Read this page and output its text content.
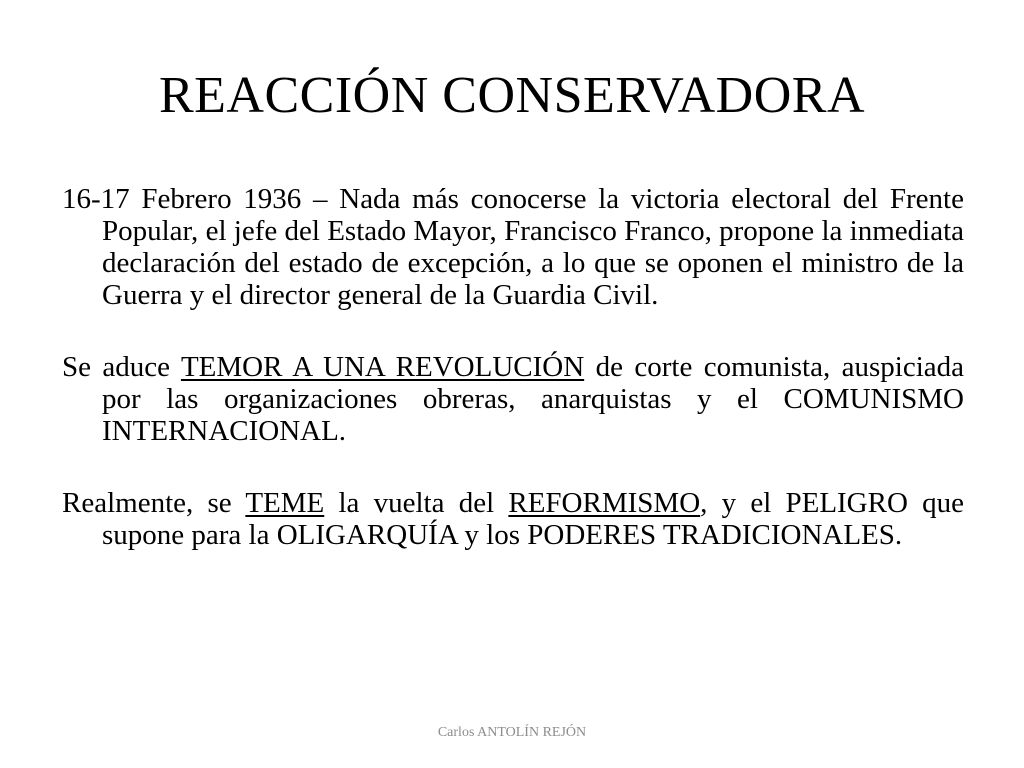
REACCIÓN CONSERVADORA

16-17 Febrero 1936 – Nada más conocerse la victoria electoral del Frente Popular, el jefe del Estado Mayor, Francisco Franco, propone la inmediata declaración del estado de excepción, a lo que se oponen el ministro de la Guerra y el director general de la Guardia Civil.

Se aduce TEMOR A UNA REVOLUCIÓN de corte comunista, auspiciada por las organizaciones obreras, anarquistas y el COMUNISMO INTERNACIONAL.

Realmente, se TEME la vuelta del REFORMISMO, y el PELIGRO que supone para la OLIGARQUÍA y los PODERES TRADICIONALES.

Carlos ANTOLÍN REJÓN
